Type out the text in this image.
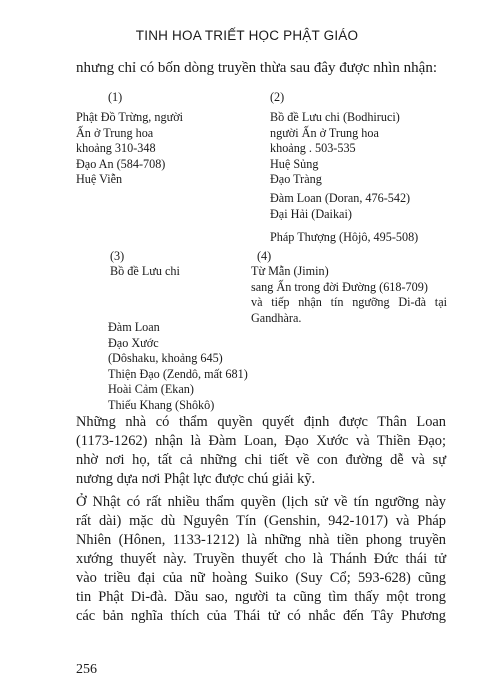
TINH HOA TRIẾT HỌC PHẬT GIÁO
nhưng chỉ có bốn dòng truyền thừa sau đây được nhìn nhận:
(1)
Phật Đồ Trừng, người
Ấn ở Trung hoa
khoảng 310-348
Đạo An (584-708)
Huệ Viễn
(2)
Bồ đề Lưu chi (Bodhiruci)
người Ấn ở Trung hoa
khoảng . 503-535
Huệ Sủng
Đạo Tràng
Đàm Loan (Doran, 476-542)
Đại Hải (Daikai)
Pháp Thượng (Hôjô, 495-508)
(3)
Bồ đề Lưu chi
(4)
Từ Mẫn (Jimin)
sang Ấn trong đời Đường (618-709)
và tiếp nhận tín ngưỡng Di-đà tại
Gandhàra.
Đàm Loan
Đạo Xước
(Dôshaku, khoảng 645)
Thiện Đạo (Zendô, mất 681)
Hoài Cảm (Ekan)
Thiếu Khang (Shôkô)
Những nhà có thẩm quyền quyết định được Thân Loan
(1173-1262) nhận là Đàm Loan, Đạo Xước và Thiền Đạo;
nhờ nơi họ, tất cả những chi tiết về con đường dễ và sự
nương dựa nơi Phật lực được chú giải kỹ.
Ở Nhật có rất nhiều thẩm quyền (lịch sử về tín ngưỡng này
rất dài) mặc dù Nguyên Tín (Genshin, 942-1017) và Pháp
Nhiên (Hônen, 1133-1212) là những nhà tiền phong truyền
xướng thuyết này. Truyền thuyết cho là Thánh Đức thái tử
vào triều đại của nữ hoàng Suiko (Suy Cổ; 593-628) cũng
tin Phật Di-đà. Dầu sao, người ta cũng tìm thấy một trong
các bản nghĩa thích của Thái tử có nhắc đến Tây Phương
256
